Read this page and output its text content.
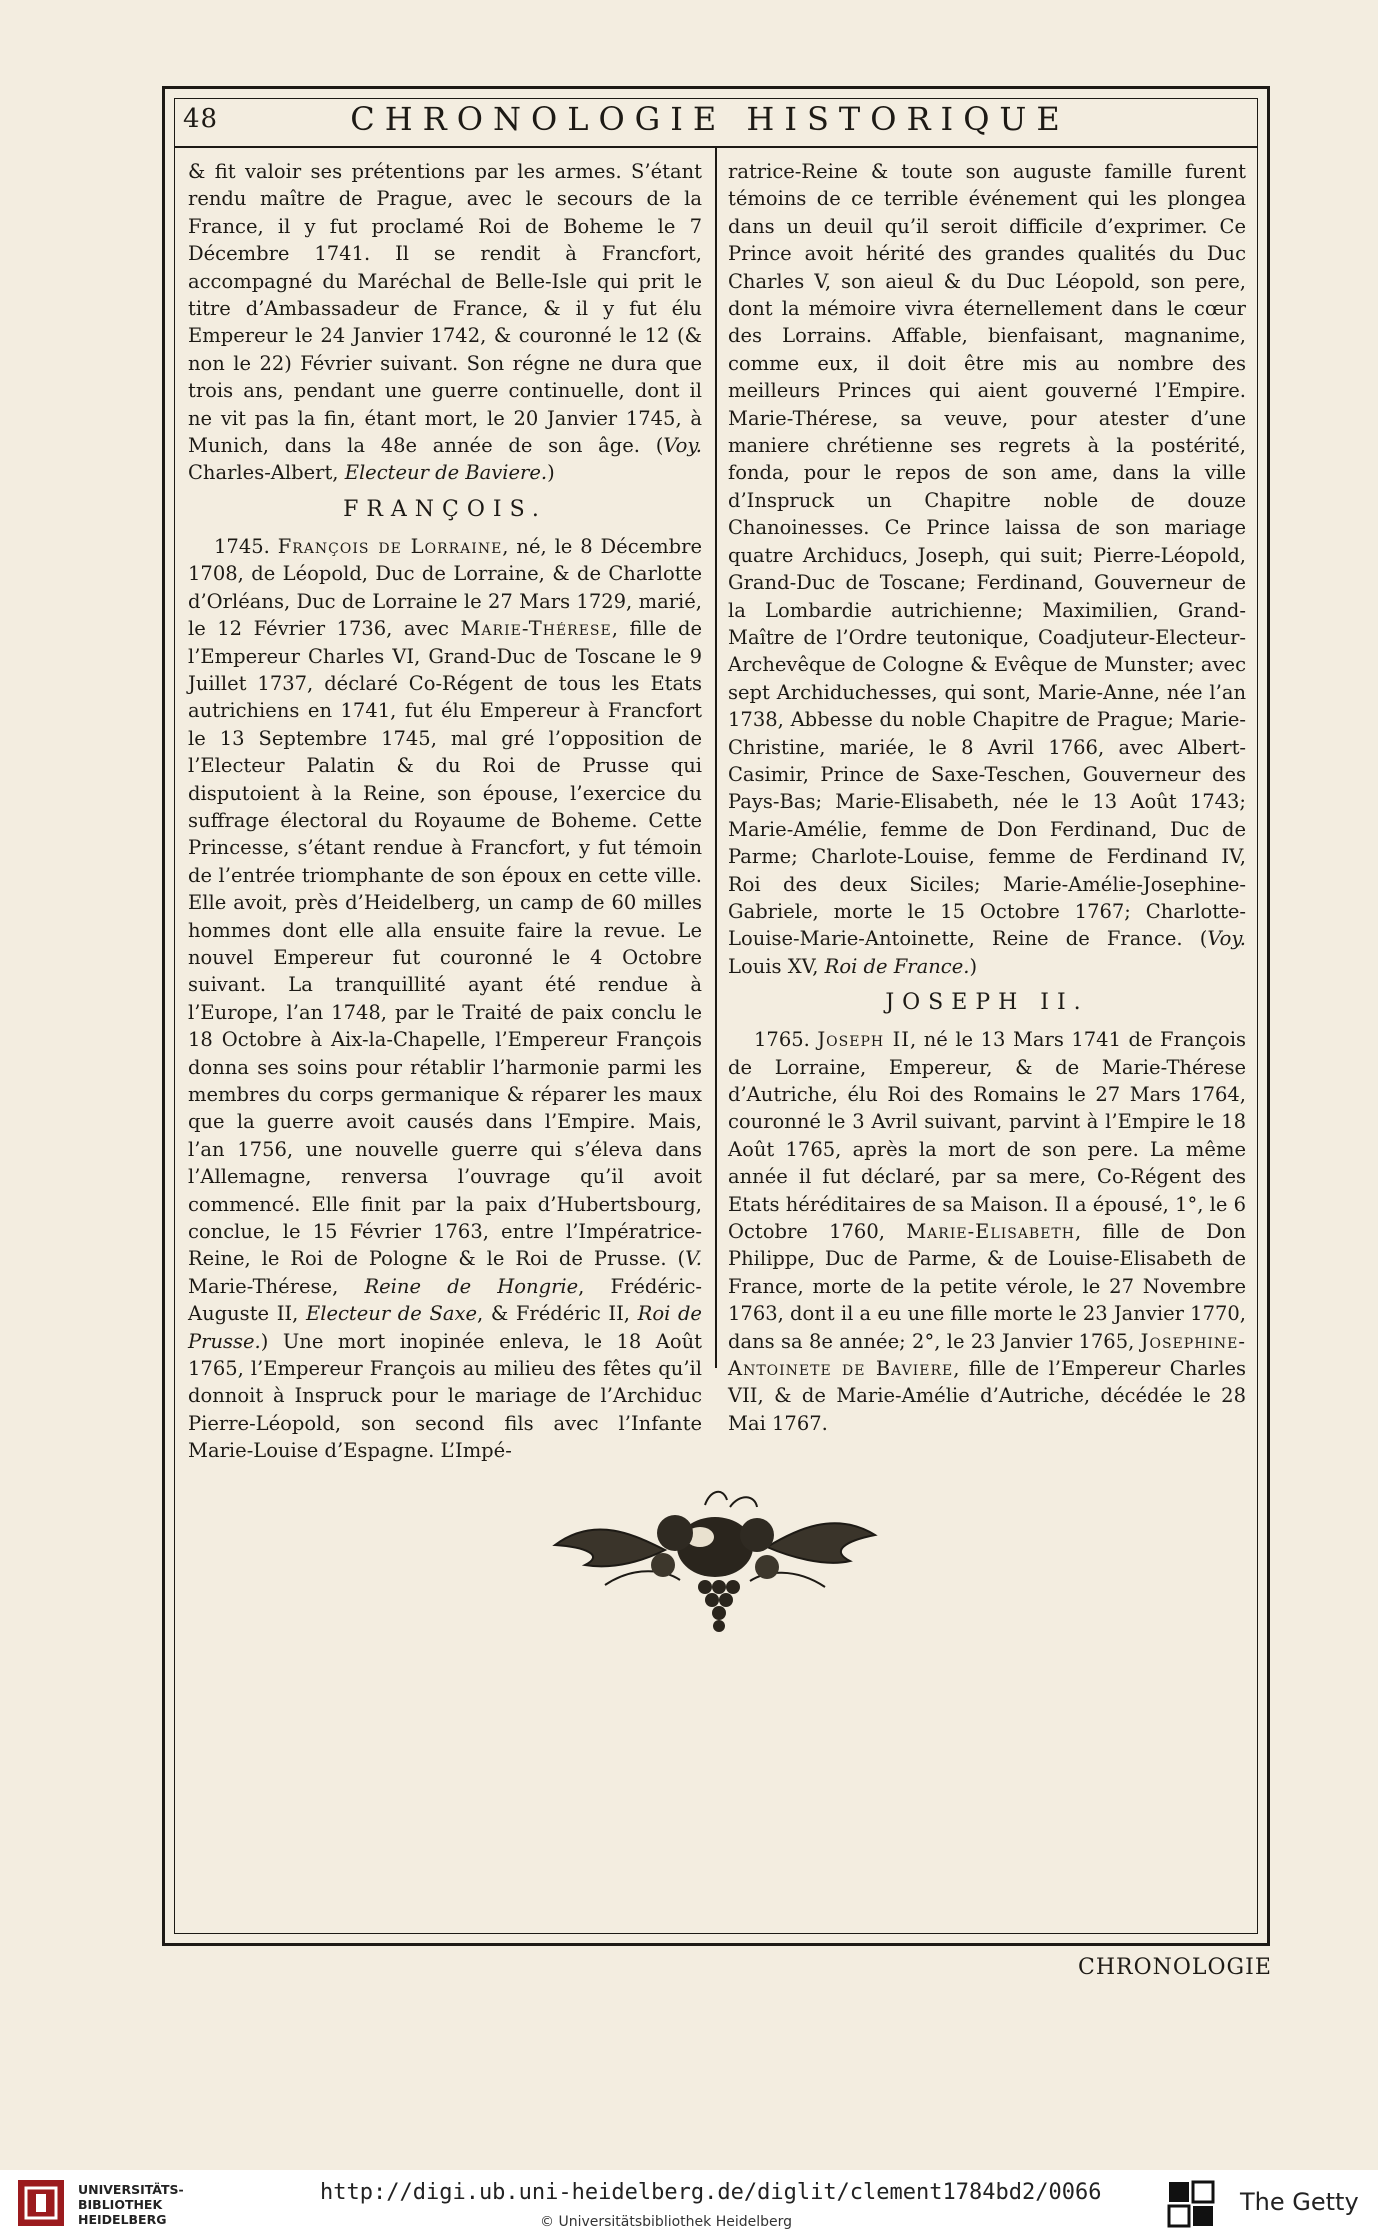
48	CHRONOLOGIE HISTORIQUE

& fit valoir ses prétentions par les armes. S’étant rendu maître de Prague, avec le secours de la France, il y fut proclamé Roi de Boheme le 7 Décembre 1741. Il se rendit à Francfort, accompagné du Maréchal de Belle-Isle qui prit le titre d’Ambassadeur de France, & il y fut élu Empereur le 24 Janvier 1742, & couronné le 12 (& non le 22) Février suivant. Son régne ne dura que trois ans, pendant une guerre continuelle, dont il ne vit pas la fin, étant mort, le 20 Janvier 1745, à Munich, dans la 48e année de son âge. (Voy. Charles-Albert, Electeur de Baviere.)

FRANÇOIS.

1745. François de Lorraine, né, le 8 Décembre 1708, de Léopold, Duc de Lorraine, & de Charlotte d’Orléans, Duc de Lorraine le 27 Mars 1729, marié, le 12 Février 1736, avec Marie-Thérese, fille de l’Empereur Charles VI, Grand-Duc de Toscane le 9 Juillet 1737, déclaré Co-Régent de tous les Etats autrichiens en 1741, fut élu Empereur à Francfort le 13 Septembre 1745, mal gré l’opposition de l’Electeur Palatin & du Roi de Prusse qui disputoient à la Reine, son épouse, l’exercice du suffrage électoral du Royaume de Boheme. Cette Princesse, s’étant rendue à Francfort, y fut témoin de l’entrée triomphante de son époux en cette ville. Elle avoit, près d’Heidelberg, un camp de 60 milles hommes dont elle alla ensuite faire la revue. Le nouvel Empereur fut couronné le 4 Octobre suivant. La tranquillité ayant été rendue à l’Europe, l’an 1748, par le Traité de paix conclu le 18 Octobre à Aix-la-Chapelle, l’Empereur François donna ses soins pour rétablir l’harmonie parmi les membres du corps germanique & réparer les maux que la guerre avoit causés dans l’Empire. Mais, l’an 1756, une nouvelle guerre qui s’éleva dans l’Allemagne, renversa l’ouvrage qu’il avoit commencé. Elle finit par la paix d’Hubertsbourg, conclue, le 15 Février 1763, entre l’Impératrice-Reine, le Roi de Pologne & le Roi de Prusse. (V. Marie-Thérese, Reine de Hongrie, Frédéric-Auguste II, Electeur de Saxe, & Frédéric II, Roi de Prusse.) Une mort inopinée enleva, le 18 Août 1765, l’Empereur François au milieu des fêtes qu’il donnoit à Inspruck pour le mariage de l’Archiduc Pierre-Léopold, son second fils avec l’Infante Marie-Louise d’Espagne. L’Impé-

ratrice-Reine & toute son auguste famille furent témoins de ce terrible événement qui les plongea dans un deuil qu’il seroit difficile d’exprimer. Ce Prince avoit hérité des grandes qualités du Duc Charles V, son aieul & du Duc Léopold, son pere, dont la mémoire vivra éternellement dans le cœur des Lorrains. Affable, bienfaisant, magnanime, comme eux, il doit être mis au nombre des meilleurs Princes qui aient gouverné l’Empire. Marie-Thérese, sa veuve, pour atester d’une maniere chrétienne ses regrets à la postérité, fonda, pour le repos de son ame, dans la ville d’Inspruck un Chapitre noble de douze Chanoinesses. Ce Prince laissa de son mariage quatre Archiducs, Joseph, qui suit; Pierre-Léopold, Grand-Duc de Toscane; Ferdinand, Gouverneur de la Lombardie autrichienne; Maximilien, Grand-Maître de l’Ordre teutonique, Coadjuteur-Electeur-Archevêque de Cologne & Evêque de Munster; avec sept Archiduchesses, qui sont, Marie-Anne, née l’an 1738, Abbesse du noble Chapitre de Prague; Marie-Christine, mariée, le 8 Avril 1766, avec Albert-Casimir, Prince de Saxe-Teschen, Gouverneur des Pays-Bas; Marie-Elisabeth, née le 13 Août 1743; Marie-Amélie, femme de Don Ferdinand, Duc de Parme; Charlote-Louise, femme de Ferdinand IV, Roi des deux Siciles; Marie-Amélie-Josephine-Gabriele, morte le 15 Octobre 1767; Charlotte-Louise-Marie-Antoinette, Reine de France. (Voy. Louis XV, Roi de France.)

JOSEPH II.

1765. Joseph II, né le 13 Mars 1741 de François de Lorraine, Empereur, & de Marie-Thérese d’Autriche, élu Roi des Romains le 27 Mars 1764, couronné le 3 Avril suivant, parvint à l’Empire le 18 Août 1765, après la mort de son pere. La même année il fut déclaré, par sa mere, Co-Régent des Etats héréditaires de sa Maison. Il a épousé, 1°, le 6 Octobre 1760, Marie-Elisabeth, fille de Don Philippe, Duc de Parme, & de Louise-Elisabeth de France, morte de la petite vérole, le 27 Novembre 1763, dont il a eu une fille morte le 23 Janvier 1770, dans sa 8e année; 2°, le 23 Janvier 1765, Josephine-Antoinete de Baviere, fille de l’Empereur Charles VII, & de Marie-Amélie d’Autriche, décédée le 28 Mai 1767.

CHRONOLOGIE
UNIVERSITÄTS-
BIBLIOTHEK
HEIDELBERG
http://digi.ub.uni-heidelberg.de/diglit/clement1784bd2/0066
© Universitätsbibliothek Heidelberg
The Getty
